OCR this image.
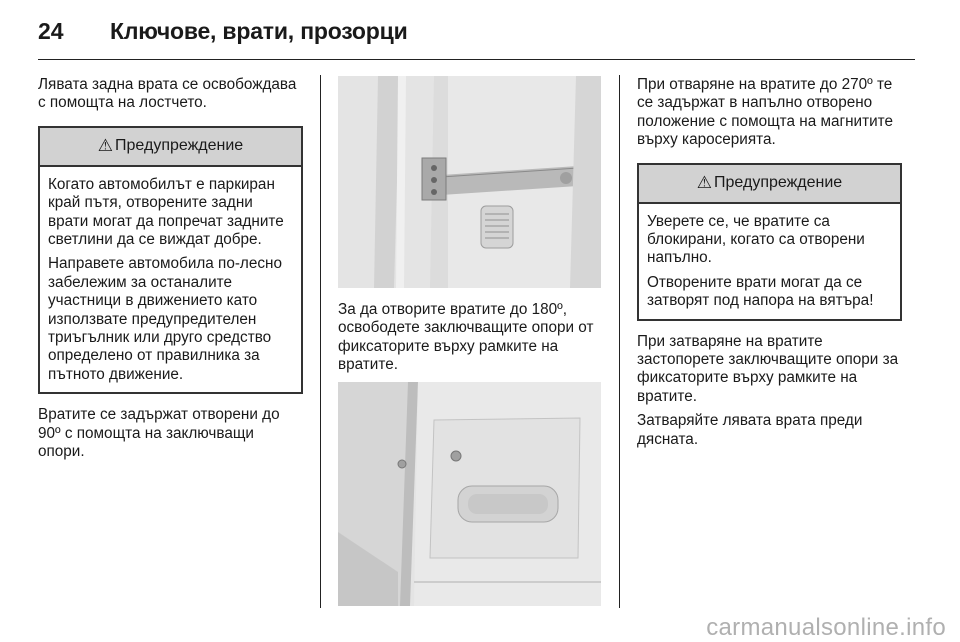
24	Ключове, врати, прозорци

Лявата задна врата се освобождава с помощта на лостчето.

⚠ Предупреждение

Когато автомобилът е паркиран край пътя, отворените задни врати могат да попречат задните светлини да се виждат добре.

Направете автомобила по-лесно забележим за останалите участници в движението като използвате предупредителен триъгълник или друго средство определено от правилника за пътното движение.

Вратите се задържат отворени до 90º с помощта на заключващи опори.

За да отворите вратите до 180º, освободете заключващите опори от фиксаторите върху рамките на вратите.

При отваряне на вратите до 270º те се задържат в напълно отворено положение с помощта на магнитите върху каросерията.

⚠ Предупреждение

Уверете се, че вратите са блокирани, когато са отворени напълно.

Отворените врати могат да се затворят под напора на вятъра!

При затваряне на вратите застопорете заключващите опори за фиксаторите върху рамките на вратите.

Затваряйте лявата врата преди дясната.

carmanualsonline.info
